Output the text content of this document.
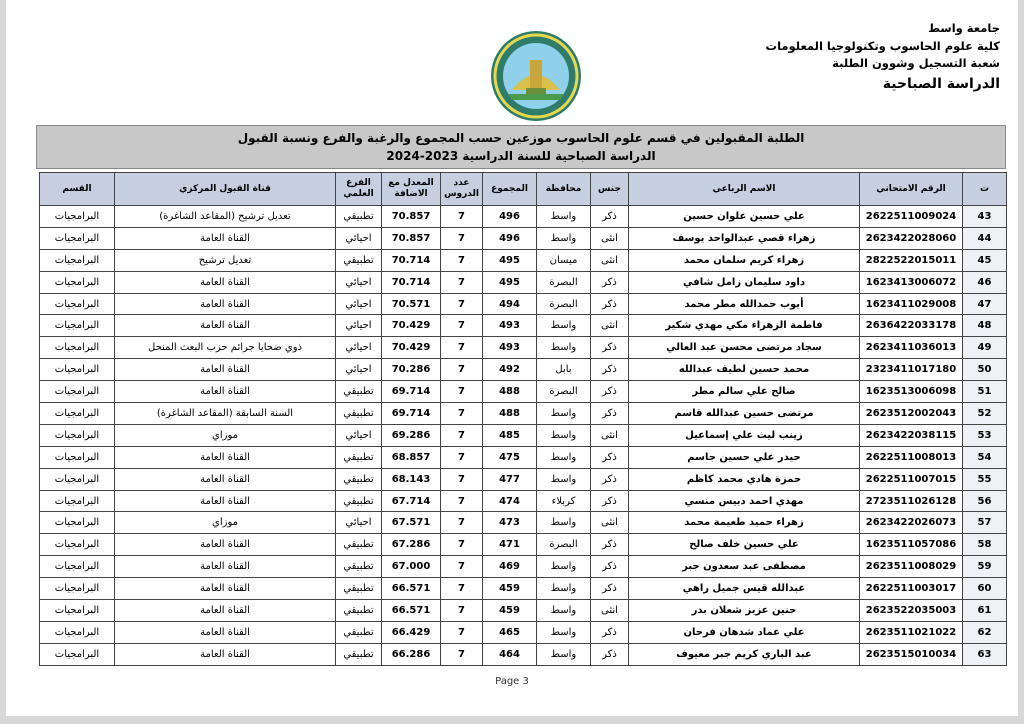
جامعة واسط
كلية علوم الحاسوب وتكنولوجيا المعلومات
شعبة التسجيل وشوون الطلبة
الدراسة الصباحية
الطلبة المقبولين في قسم علوم الحاسوب موزعين حسب المجموع والرغبة والفرع ونسبة القبول
الدراسة الصباحية للسنة الدراسية 2023-2024
ت	الرقم الامتحاني	الاسم الرباعي	جنس	محافظة	المجموع	عدد الدروس	المعدل مع الاضافة	الفرع العلمي	قناة القبول المركزي	القسم
43	2622511009024	علي حسين علوان حسين	ذكر	واسط	496	7	70.857	تطبيقي	تعديل ترشيح (المقاعد الشاغرة)	البرامجيات
44	2623422028060	زهراء قصي عبدالواحد يوسف	انثى	واسط	496	7	70.857	احيائي	القناة العامة	البرامجيات
45	2822522015011	زهراء كريم سلمان محمد	انثى	ميسان	495	7	70.714	تطبيقي	تعديل ترشيح	البرامجيات
46	1623413006072	داود سليمان زامل شافي	ذكر	البصرة	495	7	70.714	احيائي	القناة العامة	البرامجيات
47	1623411029008	أيوب حمدالله مطر محمد	ذكر	البصرة	494	7	70.571	احيائي	القناة العامة	البرامجيات
48	2636422033178	فاطمة الزهراء مكي مهدي شكير	انثى	واسط	493	7	70.429	احيائي	القناة العامة	البرامجيات
49	2623411036013	سجاد مرتضى محسن عبد العالي	ذكر	واسط	493	7	70.429	احيائي	ذوي ضحايا جرائم حزب البعث المنحل	البرامجيات
50	2323411017180	محمد حسين لطيف عبدالله	ذكر	بابل	492	7	70.286	احيائي	القناة العامة	البرامجيات
51	1623513006098	صالح علي سالم مطر	ذكر	البصرة	488	7	69.714	تطبيقي	القناة العامة	البرامجيات
52	2623512002043	مرتضى حسين عبدالله قاسم	ذكر	واسط	488	7	69.714	تطبيقي	السنة السابقة (المقاعد الشاغرة)	البرامجيات
53	2623422038115	زينب ليث علي إسماعيل	انثى	واسط	485	7	69.286	احيائي	موزاي	البرامجيات
54	2622511008013	حيدر علي حسين جاسم	ذكر	واسط	475	7	68.857	تطبيقي	القناة العامة	البرامجيات
55	2622511007015	حمزة هادي محمد كاظم	ذكر	واسط	477	7	68.143	تطبيقي	القناة العامة	البرامجيات
56	2723511026128	مهدي احمد دبيس منسي	ذكر	كربلاء	474	7	67.714	تطبيقي	القناة العامة	البرامجيات
57	2623422026073	زهراء حميد طعيمة محمد	انثى	واسط	473	7	67.571	احيائي	موزاي	البرامجيات
58	1623511057086	علي حسين خلف صالح	ذكر	البصرة	471	7	67.286	تطبيقي	القناة العامة	البرامجيات
59	2623511008029	مصطفى عبد سعدون جبر	ذكر	واسط	469	7	67.000	تطبيقي	القناة العامة	البرامجيات
60	2622511003017	عبدالله قيس جميل راهي	ذكر	واسط	459	7	66.571	تطبيقي	القناة العامة	البرامجيات
61	2623522035003	حنين عزيز شعلان بدر	انثى	واسط	459	7	66.571	تطبيقي	القناة العامة	البرامجيات
62	2623511021022	علي عماد شدهان فرحان	ذكر	واسط	465	7	66.429	تطبيقي	القناة العامة	البرامجيات
63	2623515010034	عبد الباري كريم جبر معيوف	ذكر	واسط	464	7	66.286	تطبيقي	القناة العامة	البرامجيات
Page 3
